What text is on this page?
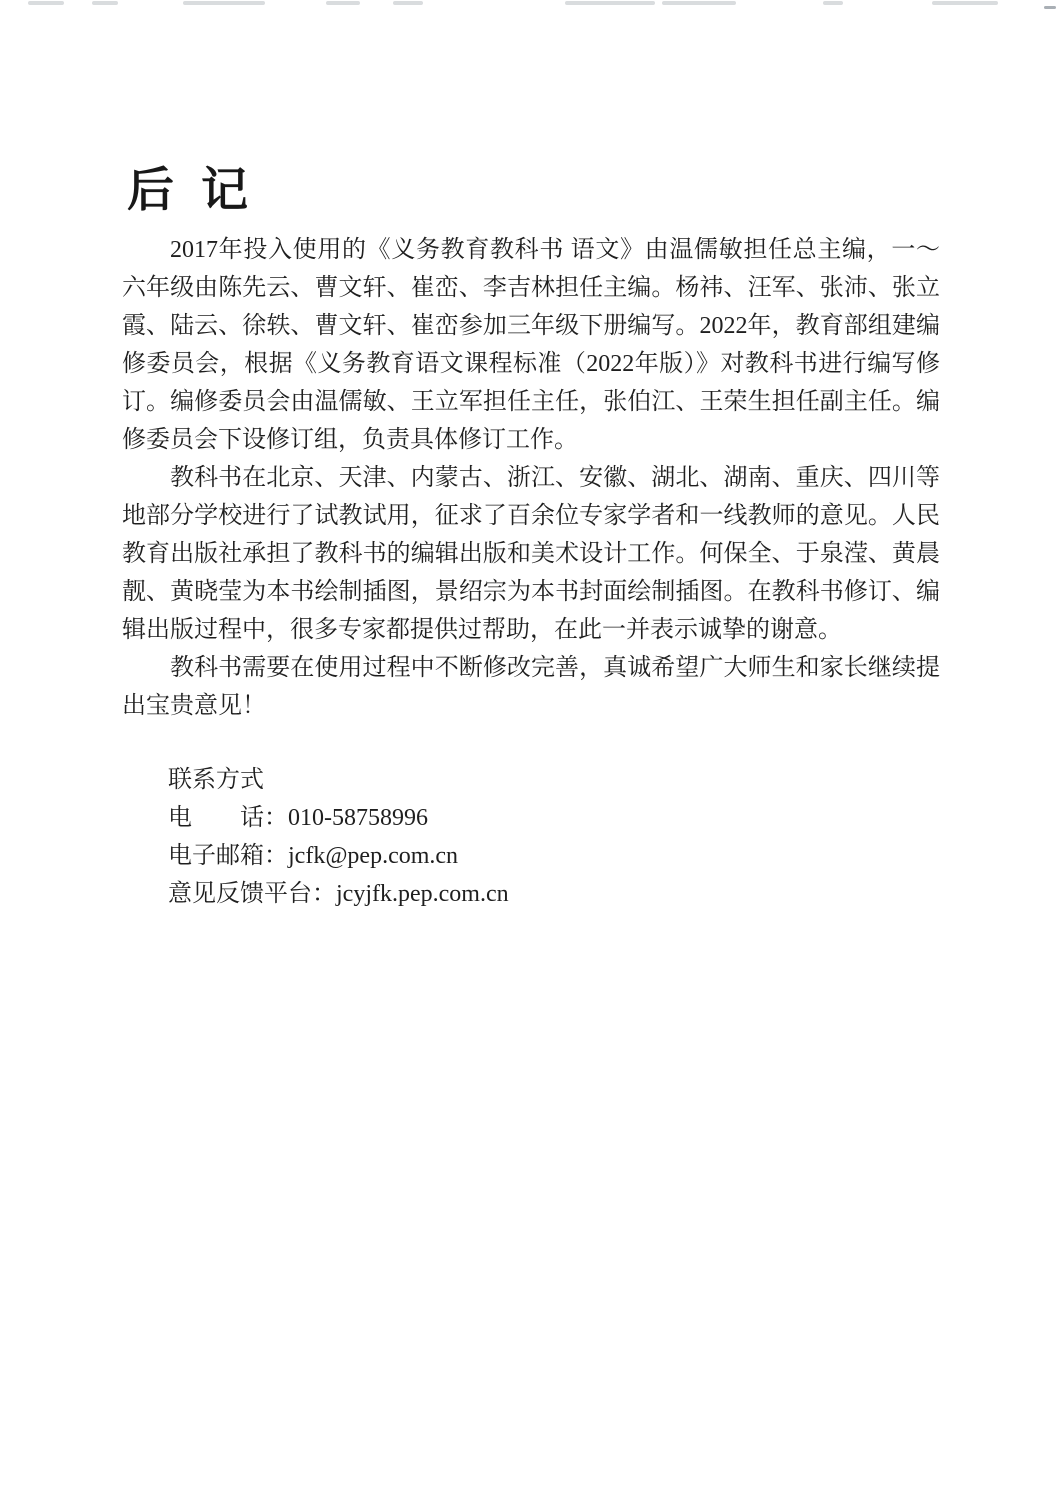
后 记

2017年投入使用的《义务教育教科书 语文》由温儒敏担任总主编，一～六年级由陈先云、曹文轩、崔峦、李吉林担任主编。杨祎、汪军、张沛、张立霞、陆云、徐轶、曹文轩、崔峦参加三年级下册编写。2022年，教育部组建编修委员会，根据《义务教育语文课程标准（2022年版）》对教科书进行编写修订。编修委员会由温儒敏、王立军担任主任，张伯江、王荣生担任副主任。编修委员会下设修订组，负责具体修订工作。

教科书在北京、天津、内蒙古、浙江、安徽、湖北、湖南、重庆、四川等地部分学校进行了试教试用，征求了百余位专家学者和一线教师的意见。人民教育出版社承担了教科书的编辑出版和美术设计工作。何保全、于泉滢、黄晨靓、黄晓莹为本书绘制插图，景绍宗为本书封面绘制插图。在教科书修订、编辑出版过程中，很多专家都提供过帮助，在此一并表示诚挚的谢意。

教科书需要在使用过程中不断修改完善，真诚希望广大师生和家长继续提出宝贵意见！

联系方式
电　　话：010-58758996
电子邮箱：jcfk@pep.com.cn
意见反馈平台：jcyjfk.pep.com.cn
